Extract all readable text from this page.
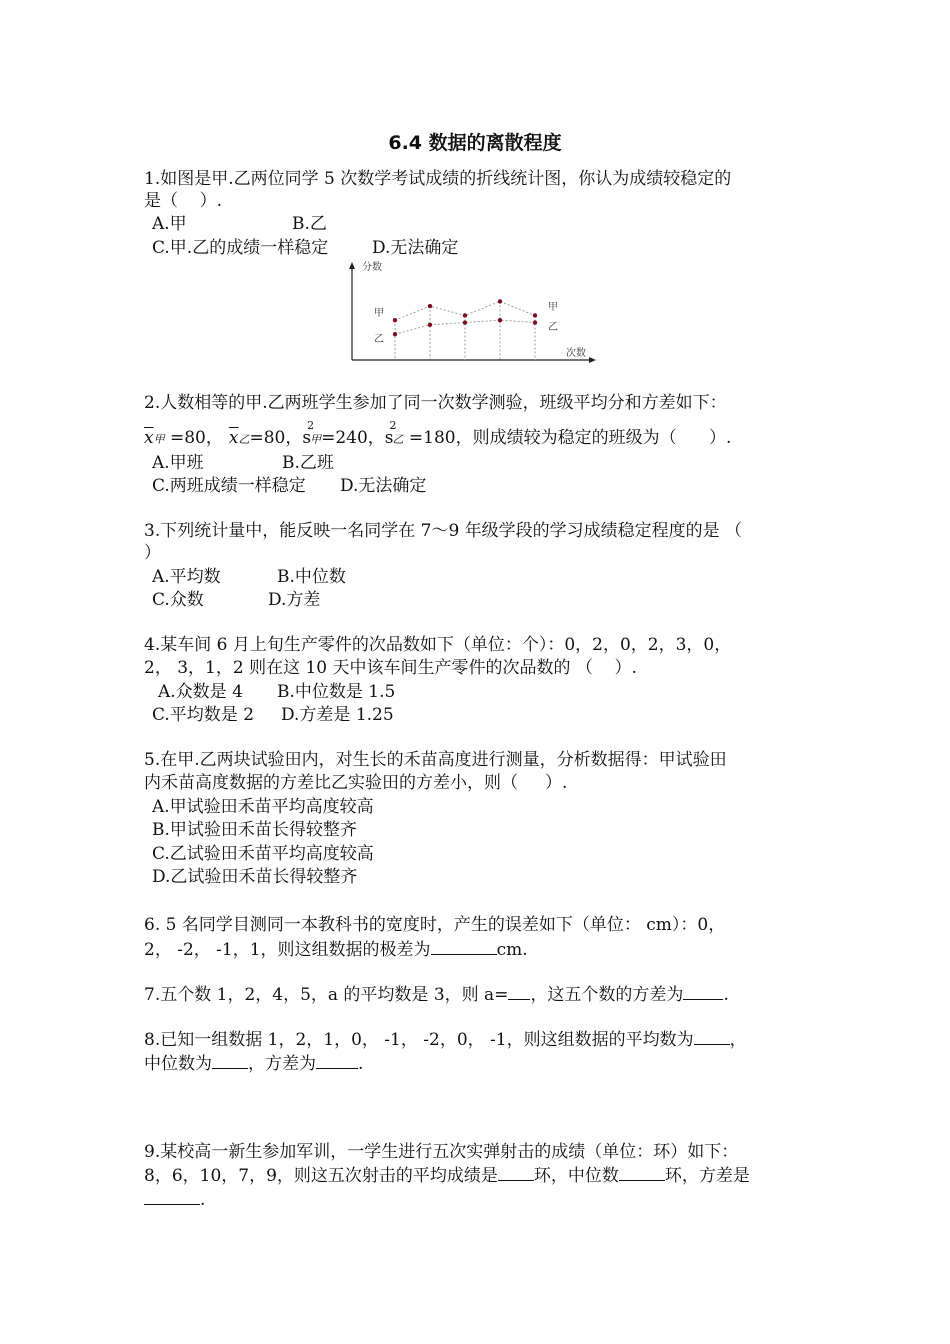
6.4 数据的离散程度
1.如图是甲.乙两位同学 5 次数学考试成绩的折线统计图，你认为成绩较稳定的
是（    ）.
A.甲	B.乙
C.甲.乙的成绩一样稳定	D.无法确定
分数
次数
甲
乙
甲
乙
2.人数相等的甲.乙两班学生参加了同一次数学测验，班级平均分和方差如下：
$\overline{x}$甲 =80， $\overline{x}$乙=80，$s^2$甲=240，$s^2$乙 =180，则成绩较为稳定的班级为（      ）.
A.甲班	B.乙班
C.两班成绩一样稳定 D.无法确定
3.下列统计量中，能反映一名同学在 7～9 年级学段的学习成绩稳定程度的是 （
）
A.平均数	B.中位数
C.众数	D.方差
4.某车间 6 月上旬生产零件的次品数如下（单位：个）：0，2，0，2，3，0，
2， 3，1，2 则在这 10 天中该车间生产零件的次品数的 （    ）.
A.众数是 4 B.中位数是 1.5
C.平均数是 2 D.方差是 1.25
5.在甲.乙两块试验田内，对生长的禾苗高度进行测量，分析数据得：甲试验田
内禾苗高度数据的方差比乙实验田的方差小，则（     ）.
A.甲试验田禾苗平均高度较高
B.甲试验田禾苗长得较整齐
C.乙试验田禾苗平均高度较高
D.乙试验田禾苗长得较整齐
6. 5 名同学目测同一本教科书的宽度时，产生的误差如下（单位： cm）：0，
2， -2， -1，1，则这组数据的极差为	cm.
7.五个数 1，2，4，5，a 的平均数是 3，则 a= ，这五个数的方差为 .
8.已知一组数据 1，2，1，0， -1， -2，0， -1，则这组数据的平均数为 ，
中位数为 ，方差为 .
9.某校高一新生参加军训，一学生进行五次实弹射击的成绩（单位：环）如下：
8，6，10，7，9，则这五次射击的平均成绩是 环，中位数	环，方差是
.
